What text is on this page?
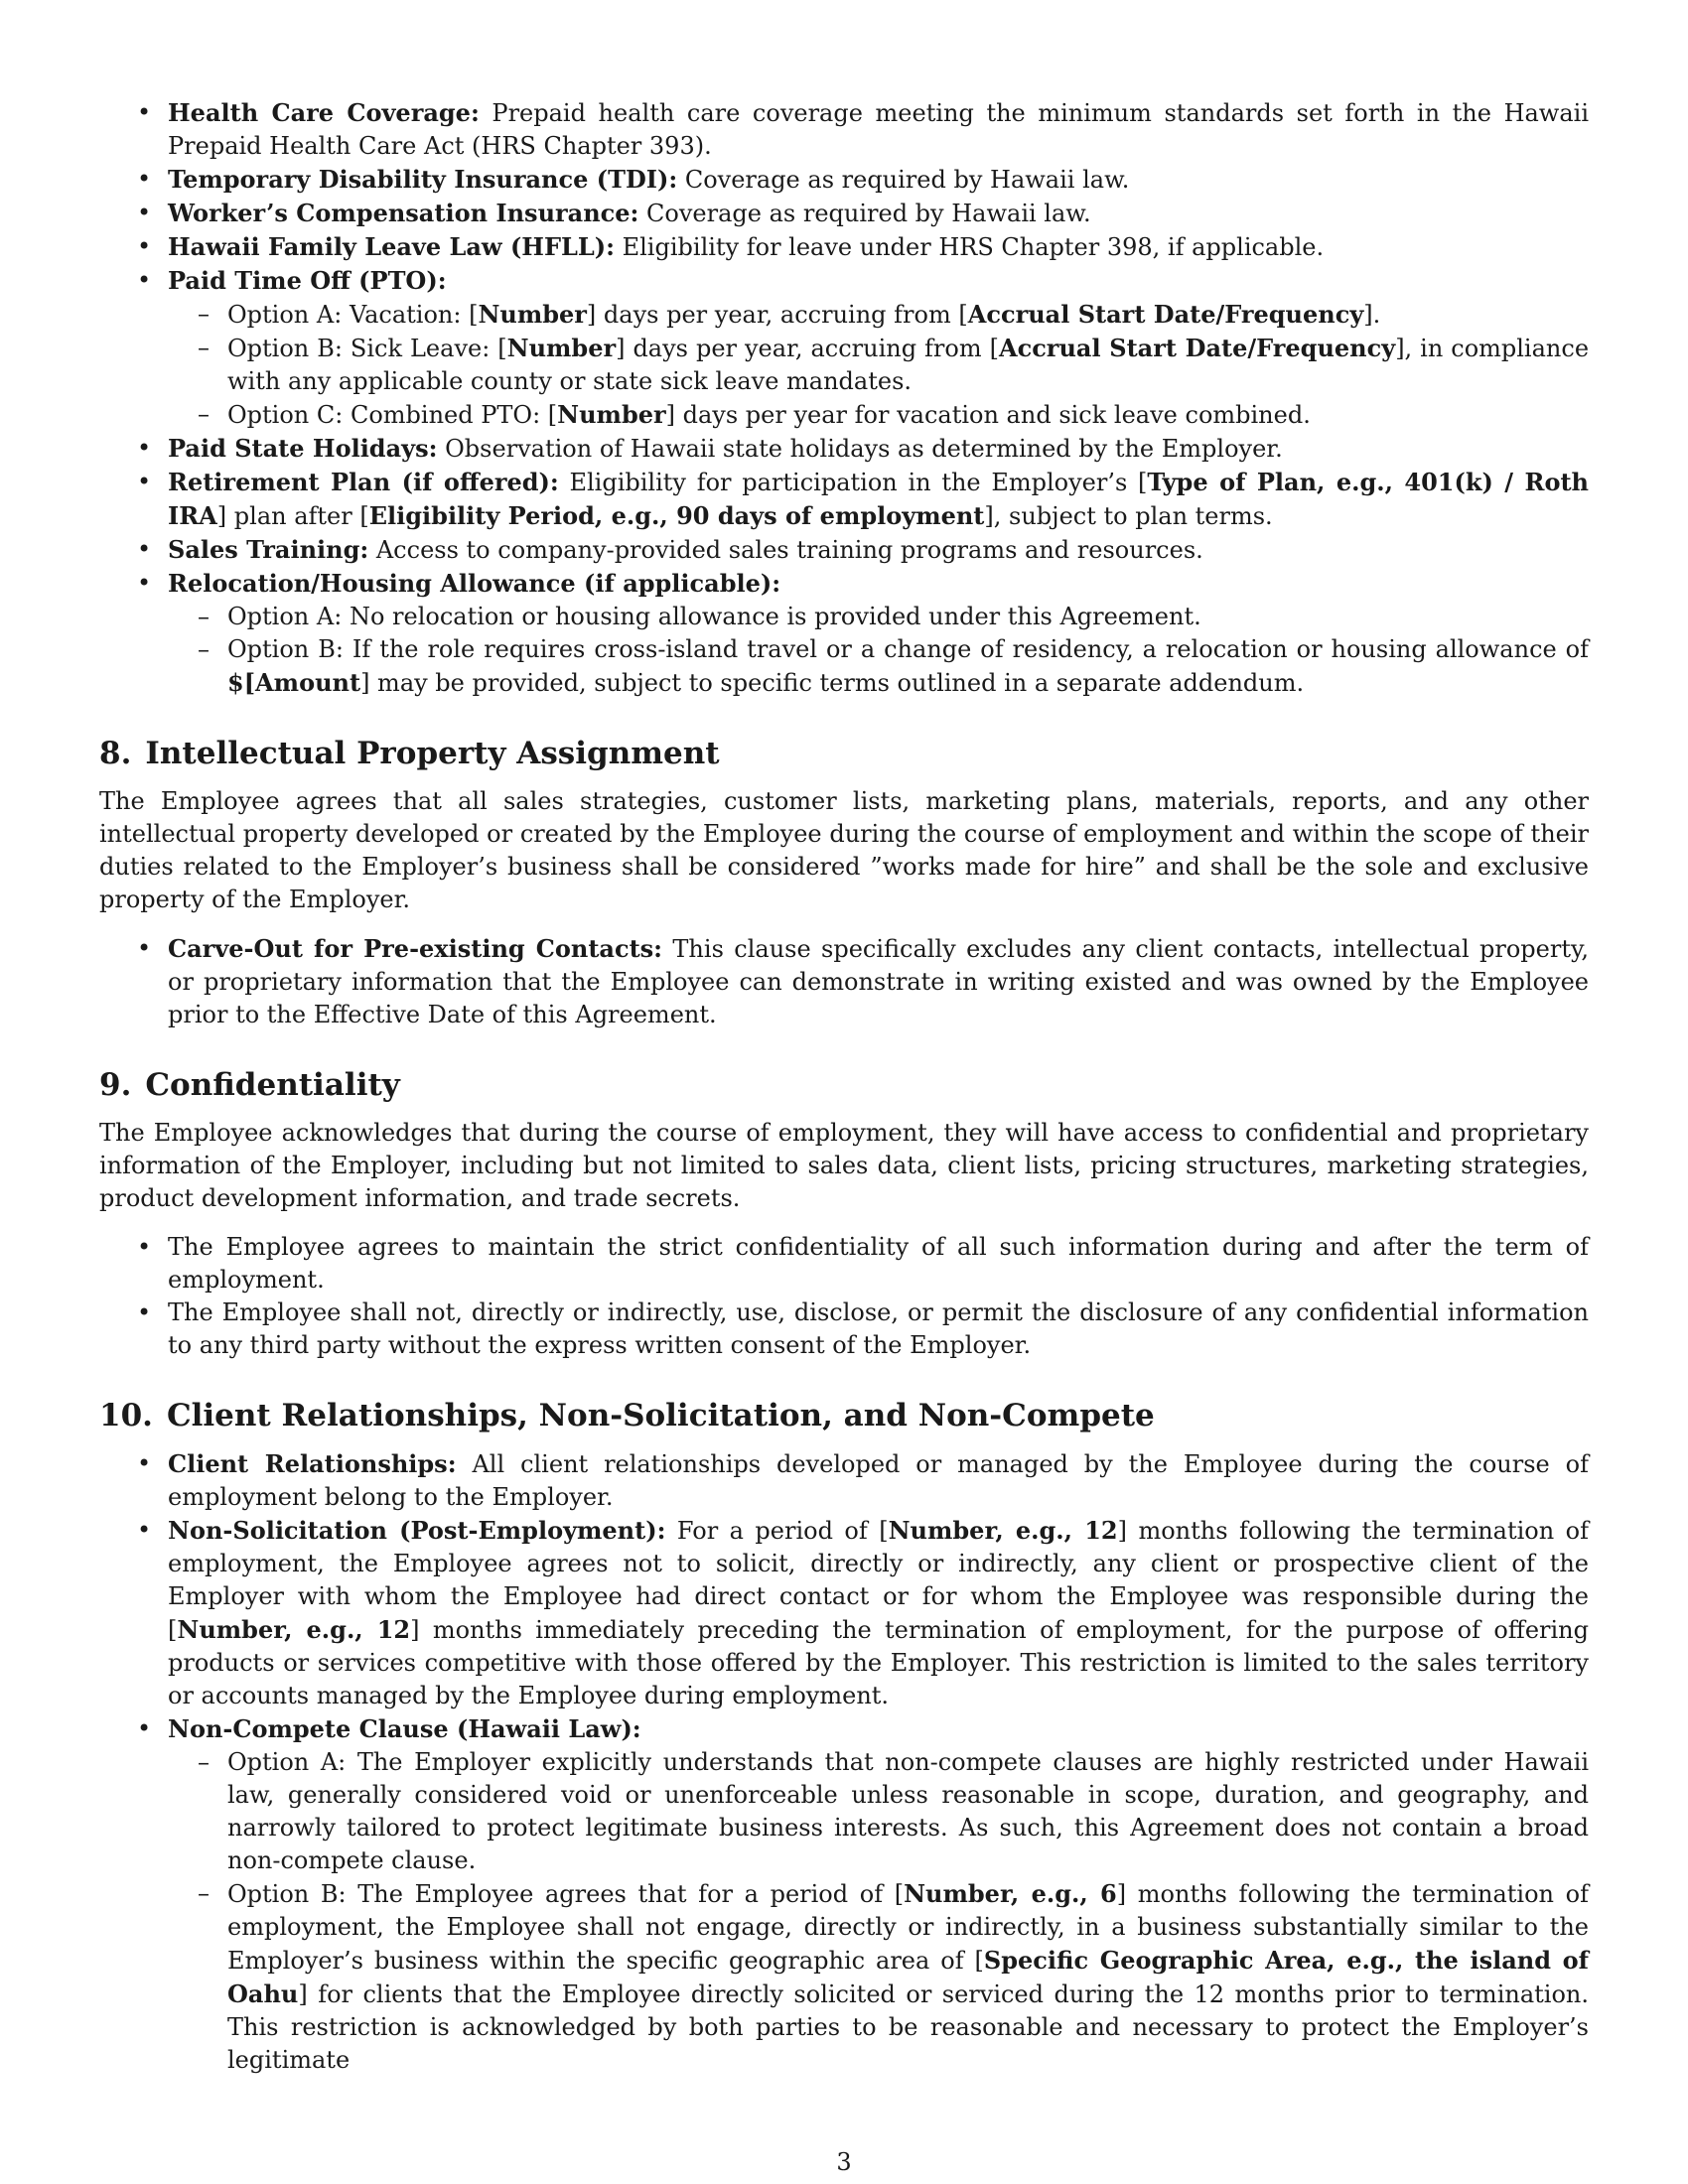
• Health Care Coverage: Prepaid health care coverage meeting the minimum standards set forth in the Hawaii Prepaid Health Care Act (HRS Chapter 393).
• Temporary Disability Insurance (TDI): Coverage as required by Hawaii law.
• Worker’s Compensation Insurance: Coverage as required by Hawaii law.
• Hawaii Family Leave Law (HFLL): Eligibility for leave under HRS Chapter 398, if applicable.
• Paid Time Off (PTO):
– Option A: Vacation: [Number] days per year, accruing from [Accrual Start Date/Frequency].
– Option B: Sick Leave: [Number] days per year, accruing from [Accrual Start Date/Frequency], in compliance with any applicable county or state sick leave mandates.
– Option C: Combined PTO: [Number] days per year for vacation and sick leave combined.
• Paid State Holidays: Observation of Hawaii state holidays as determined by the Employer.
• Retirement Plan (if offered): Eligibility for participation in the Employer’s [Type of Plan, e.g., 401(k) / Roth IRA] plan after [Eligibility Period, e.g., 90 days of employment], subject to plan terms.
• Sales Training: Access to company-provided sales training programs and resources.
• Relocation/Housing Allowance (if applicable):
– Option A: No relocation or housing allowance is provided under this Agreement.
– Option B: If the role requires cross-island travel or a change of residency, a relocation or housing allowance of $[Amount] may be provided, subject to specific terms outlined in a separate addendum.
8. Intellectual Property Assignment

The Employee agrees that all sales strategies, customer lists, marketing plans, materials, reports, and any other intellectual property developed or created by the Employee during the course of employment and within the scope of their duties related to the Employer’s business shall be considered ”works made for hire” and shall be the sole and exclusive property of the Employer.

• Carve-Out for Pre-existing Contacts: This clause specifically excludes any client contacts, intellectual property, or proprietary information that the Employee can demonstrate in writing existed and was owned by the Employee prior to the Effective Date of this Agreement.
9. Confidentiality

The Employee acknowledges that during the course of employment, they will have access to confidential and proprietary information of the Employer, including but not limited to sales data, client lists, pricing structures, marketing strategies, product development information, and trade secrets.

• The Employee agrees to maintain the strict confidentiality of all such information during and after the term of employment.
• The Employee shall not, directly or indirectly, use, disclose, or permit the disclosure of any confidential information to any third party without the express written consent of the Employer.
10. Client Relationships, Non-Solicitation, and Non-Compete
• Client Relationships: All client relationships developed or managed by the Employee during the course of employment belong to the Employer.
• Non-Solicitation (Post-Employment): For a period of [Number, e.g., 12] months following the termination of employment, the Employee agrees not to solicit, directly or indirectly, any client or prospective client of the Employer with whom the Employee had direct contact or for whom the Employee was responsible during the [Number, e.g., 12] months immediately preceding the termination of employment, for the purpose of offering products or services competitive with those offered by the Employer. This restriction is limited to the sales territory or accounts managed by the Employee during employment.
• Non-Compete Clause (Hawaii Law):
– Option A: The Employer explicitly understands that non-compete clauses are highly restricted under Hawaii law, generally considered void or unenforceable unless reasonable in scope, duration, and geography, and narrowly tailored to protect legitimate business interests. As such, this Agreement does not contain a broad non-compete clause.
– Option B: The Employee agrees that for a period of [Number, e.g., 6] months following the termination of employment, the Employee shall not engage, directly or indirectly, in a business substantially similar to the Employer’s business within the specific geographic area of [Specific Geographic Area, e.g., the island of Oahu] for clients that the Employee directly solicited or serviced during the 12 months prior to termination. This restriction is acknowledged by both parties to be reasonable and necessary to protect the Employer’s legitimate
3
